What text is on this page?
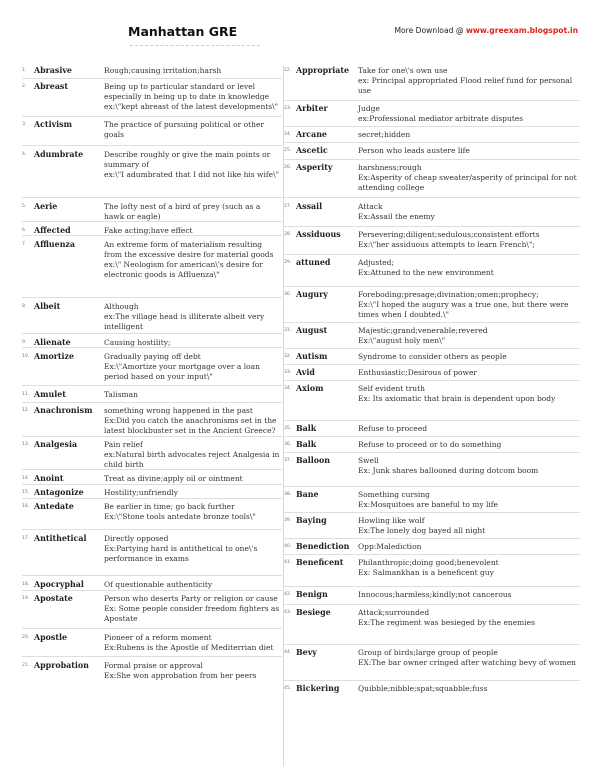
Manhattan GRE	More Download @ www.greexam.blogspot.in
1. Abrasive	Rough;causing irritation;harsh
2. Abreast	Being up to particular standard or level especially in being up to date in knowledge
ex:\"kept abreast of the latest developments\"
3. Activism	The practice of pursuing political or other goals
4. Adumbrate	Describe roughly or give the main points or summary of
ex:\"I adumbrated that I did not like his wife\"
5. Aerie	The lofty nest of a bird of prey (such as a hawk or eagle)
6. Affected	Fake acting;have effect
7. Affluenza	An extreme form of materialism resulting from the excessive desire for material goods
ex:\" Neologism for american\'s desire for electronic goods is Affluenza\"
8. Albeit	Although
ex:The village head is illiterate albeit very intelligent
9. Alienate	Causing hostility;
10. Amortize	Gradually paying off debt
Ex:\"Amortize your mortgage over a loan period based on your input\"
11. Amulet	Talisman
12. Anachronism	something wrong happened in the past
Ex:Did you catch the anachronisms set in the latest blockbuster set in the Ancient Greece?
13. Analgesia	Pain relief
ex:Natural birth advocates reject Analgesia in child birth
14. Anoint	Treat as divine;apply oil or ointment
15. Antagonize	Hostility;unfriendly
16. Antedate	Be earlier in time; go back further
Ex:\"Stone tools antedate bronze tools\"
17. Antithetical	Directly opposed
Ex:Partying hard is antithetical to one\'s performance in exams
18. Apocryphal	Of questionable authenticity
19. Apostate	Person who deserts Party or religion or cause
Ex: Some people consider freedom fighters as Apostate
20. Apostle	Pioneer of a reform moment
Ex:Rubens is the Apostle of Mediterrian diet
21. Approbation	Formal praise or approval
Ex:She won approbation from her peers
22. Appropriate	Take for one\'s own use
ex: Principal appropriated Flood relief fund for personal use
23. Arbiter	Judge
ex:Professional mediator arbitrate disputes
24. Arcane	secret;hidden
25. Ascetic	Person who leads austere life
26. Asperity	harshness;rough
Ex:Asperity of cheap sweater/asperity of principal for not attending college
27. Assail	Attack
Ex:Assail the enemy
28. Assiduous	Persevering;diligent;sedulous;consistent efforts
Ex:\"her assiduous attempts to learn French\";
29. attuned	Adjusted;
Ex:Attuned to the new environment
30. Augury	Foreboding;presage;divination;omen;prophecy;
Ex:\"I hoped the augury was a true one, but there were times when I doubted.\"
31. August	Majestic;grand;venerable;revered
Ex:\"august holy men\"
32. Autism	Syndrome to consider others as people
33. Avid	Enthusiastic;Desirous of power
34. Axiom	Self evident truth
Ex: Its axiomatic that brain is dependent upon body
35. Balk	Refuse to proceed
36. Balk	Refuse to proceed or to do something
37. Balloon	Swell
Ex: Junk shares ballooned during dotcom boom
38. Bane	Something cursing
Ex:Mosquitoes are baneful to my life
39. Baying	Howling like wolf
Ex:The lonely dog bayed all night
40. Benediction	Opp:Malediction
41. Beneficent	Philanthropic;doing good;benevolent
Ex: Salmankhan is a beneficent guy
42. Benign	Innocous;harmless;kindly;not cancerous
43. Besiege	Attack;surrounded
Ex:The regiment was besieged by the enemies
44. Bevy	Group of birds;large group of people
EX:The bar owner cringed after watching bevy of women
45. Bickering	Quibble;nibble;spat;squabble;fuss
